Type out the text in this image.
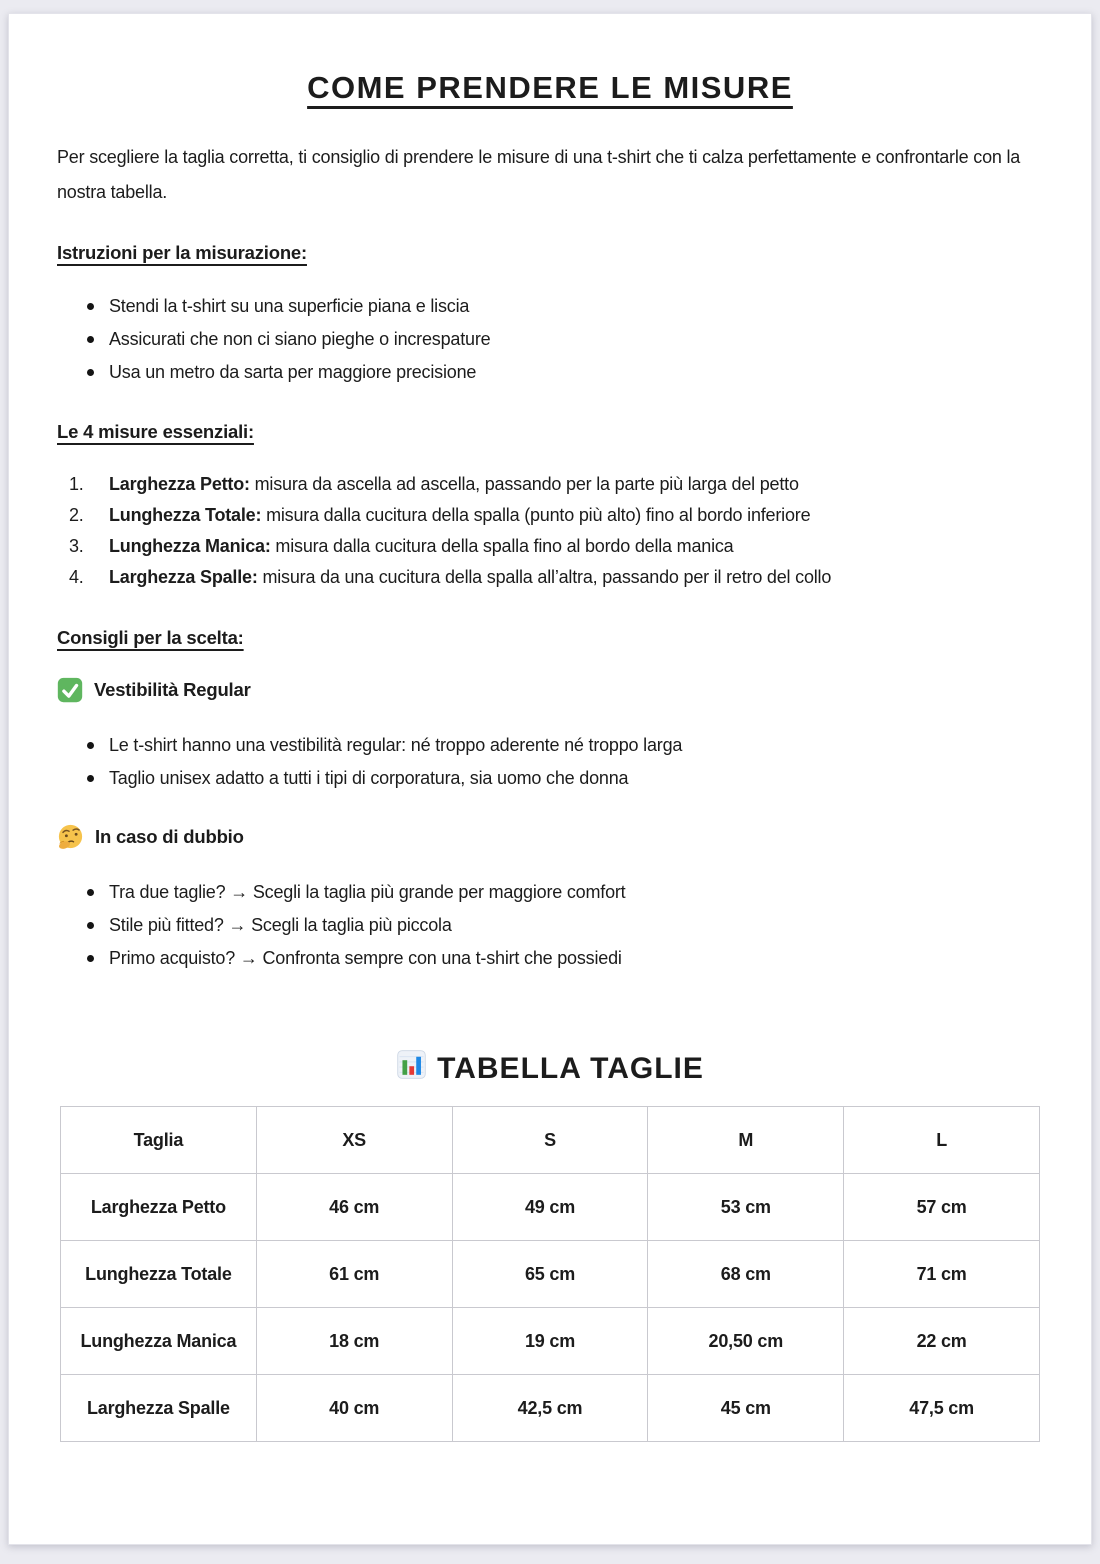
COME PRENDERE LE MISURE

Per scegliere la taglia corretta, ti consiglio di prendere le misure di una t-shirt che ti calza perfettamente e confrontarle con la nostra tabella.

Istruzioni per la misurazione:
Stendi la t-shirt su una superficie piana e liscia
Assicurati che non ci siano pieghe o increspature
Usa un metro da sarta per maggiore precisione
Le 4 misure essenziali:
1. Larghezza Petto: misura da ascella ad ascella, passando per la parte più larga del petto
2. Lunghezza Totale: misura dalla cucitura della spalla (punto più alto) fino al bordo inferiore
3. Lunghezza Manica: misura dalla cucitura della spalla fino al bordo della manica
4. Larghezza Spalle: misura da una cucitura della spalla all’altra, passando per il retro del collo
Consigli per la scelta:
Vestibilità Regular
Le t-shirt hanno una vestibilità regular: né troppo aderente né troppo larga
Taglio unisex adatto a tutti i tipi di corporatura, sia uomo che donna
In caso di dubbio
Tra due taglie? → Scegli la taglia più grande per maggiore comfort
Stile più fitted? → Scegli la taglia più piccola
Primo acquisto? → Confronta sempre con una t-shirt che possiedi
TABELLA TAGLIE
Taglia	XS	S	M	L
Larghezza Petto	46 cm	49 cm	53 cm	57 cm
Lunghezza Totale	61 cm	65 cm	68 cm	71 cm
Lunghezza Manica	18 cm	19 cm	20,50 cm	22 cm
Larghezza Spalle	40 cm	42,5 cm	45 cm	47,5 cm
